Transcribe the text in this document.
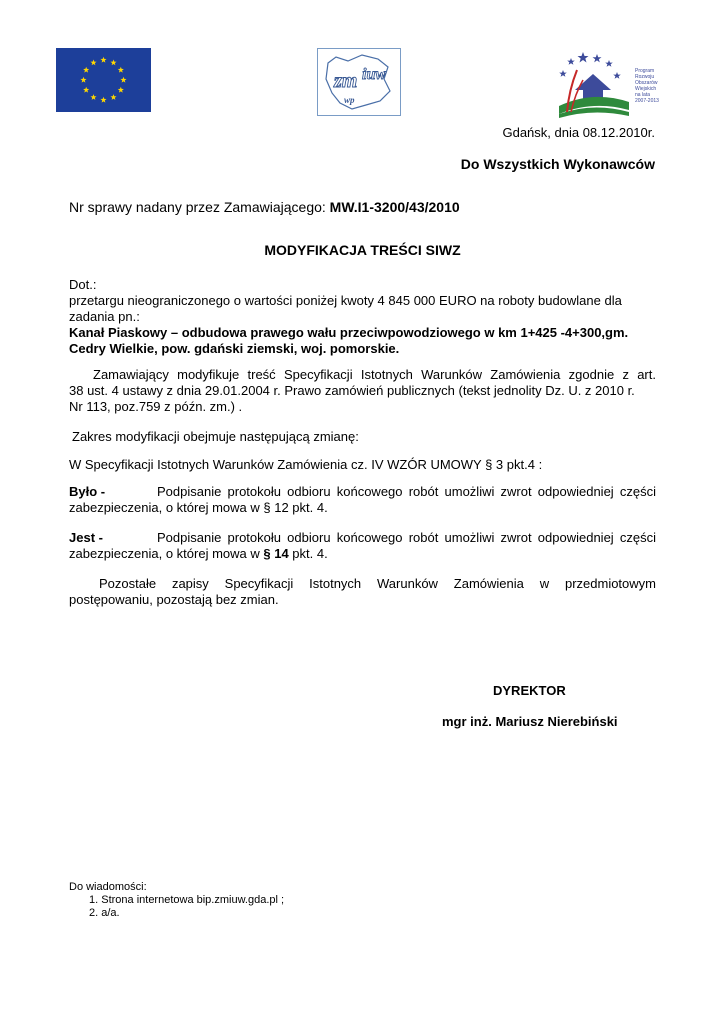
zm iuw
wp
Program
Rozwoju
Obszarów
Wiejskich
na lata 2007-2013
Gdańsk, dnia 08.12.2010r.
Do Wszystkich Wykonawców
Nr sprawy nadany przez Zamawiającego: MW.I1-3200/43/2010
MODYFIKACJA TREŚCI SIWZ
Dot.:
przetargu nieograniczonego o wartości poniżej kwoty 4 845 000 EURO na roboty budowlane dla
zadania pn.:
Kanał Piaskowy – odbudowa prawego wału przeciwpowodziowego w km 1+425 -4+300,gm.
Cedry Wielkie, pow. gdański ziemski, woj. pomorskie.
Zamawiający modyfikuje treść Specyfikacji Istotnych Warunków Zamówienia zgodnie z art.
38 ust. 4 ustawy z dnia 29.01.2004 r. Prawo zamówień publicznych (tekst jednolity Dz. U. z 2010 r.
Nr 113, poz.759 z późn. zm.) .
Zakres modyfikacji obejmuje następującą zmianę:
W Specyfikacji Istotnych Warunków Zamówienia cz. IV WZÓR UMOWY § 3 pkt.4 :
Było -	Podpisanie protokołu odbioru końcowego robót umożliwi zwrot odpowiedniej części
zabezpieczenia, o której mowa w § 12 pkt. 4.
Jest -	Podpisanie protokołu odbioru końcowego robót umożliwi zwrot odpowiedniej części
zabezpieczenia, o której mowa w § 14 pkt. 4.
Pozostałe zapisy Specyfikacji Istotnych Warunków Zamówienia w przedmiotowym
postępowaniu, pozostają bez zmian.
DYREKTOR
mgr inż. Mariusz Nierebiński
Do wiadomości:
1. Strona internetowa bip.zmiuw.gda.pl ;
2. a/a.
